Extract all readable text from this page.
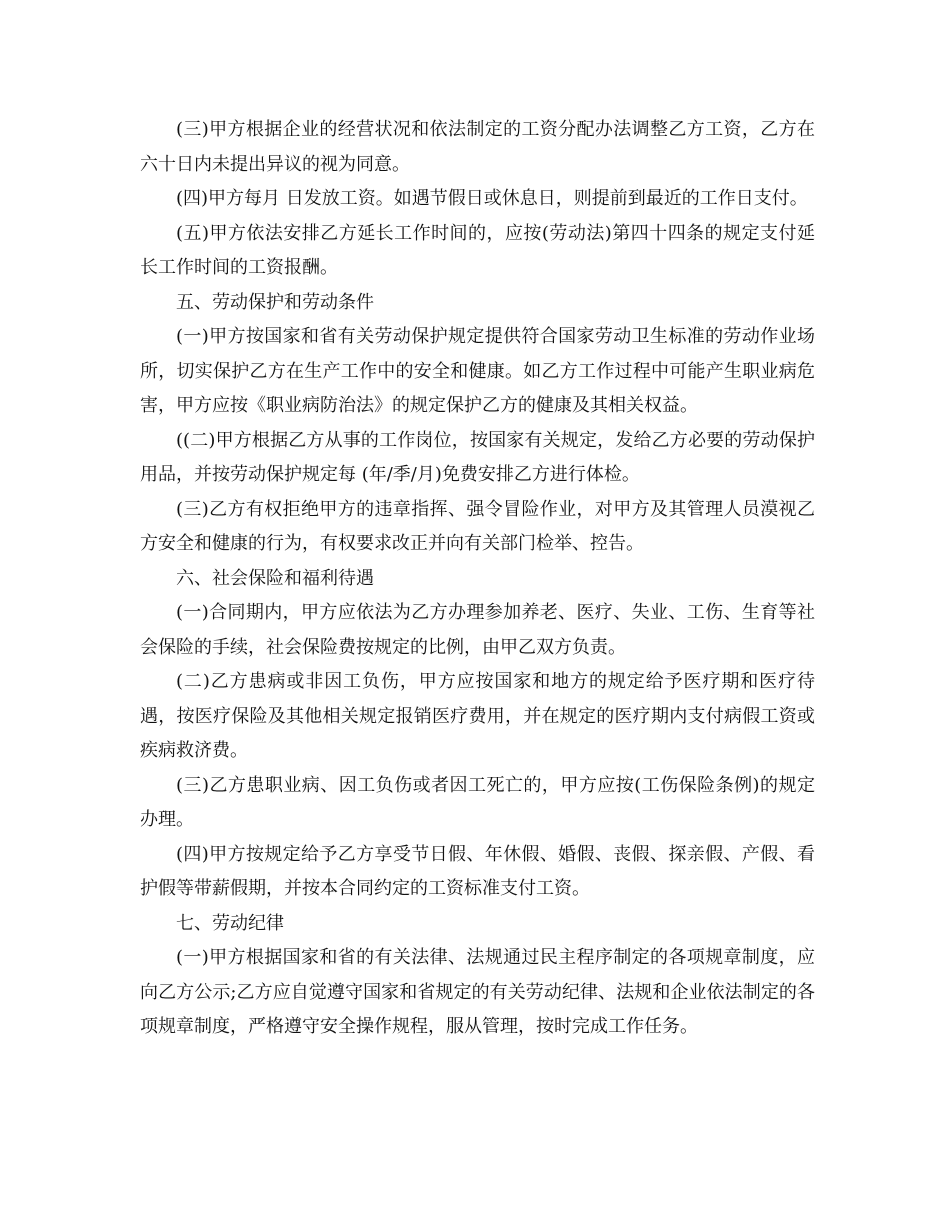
(三)甲方根据企业的经营状况和依法制定的工资分配办法调整乙方工资，乙方在六十日内未提出异议的视为同意。

(四)甲方每月 日发放工资。如遇节假日或休息日，则提前到最近的工作日支付。

(五)甲方依法安排乙方延长工作时间的，应按(劳动法)第四十四条的规定支付延长工作时间的工资报酬。

五、劳动保护和劳动条件

(一)甲方按国家和省有关劳动保护规定提供符合国家劳动卫生标准的劳动作业场所，切实保护乙方在生产工作中的安全和健康。如乙方工作过程中可能产生职业病危害，甲方应按《职业病防治法》的规定保护乙方的健康及其相关权益。

((二)甲方根据乙方从事的工作岗位，按国家有关规定，发给乙方必要的劳动保护用品，并按劳动保护规定每 (年/季/月)免费安排乙方进行体检。

(三)乙方有权拒绝甲方的违章指挥、强令冒险作业，对甲方及其管理人员漠视乙方安全和健康的行为，有权要求改正并向有关部门检举、控告。

六、社会保险和福利待遇

(一)合同期内，甲方应依法为乙方办理参加养老、医疗、失业、工伤、生育等社会保险的手续，社会保险费按规定的比例，由甲乙双方负责。

(二)乙方患病或非因工负伤，甲方应按国家和地方的规定给予医疗期和医疗待遇，按医疗保险及其他相关规定报销医疗费用，并在规定的医疗期内支付病假工资或疾病救济费。

(三)乙方患职业病、因工负伤或者因工死亡的，甲方应按(工伤保险条例)的规定办理。

(四)甲方按规定给予乙方享受节日假、年休假、婚假、丧假、探亲假、产假、看护假等带薪假期，并按本合同约定的工资标准支付工资。

七、劳动纪律

(一)甲方根据国家和省的有关法律、法规通过民主程序制定的各项规章制度，应向乙方公示;乙方应自觉遵守国家和省规定的有关劳动纪律、法规和企业依法制定的各项规章制度，严格遵守安全操作规程，服从管理，按时完成工作任务。
